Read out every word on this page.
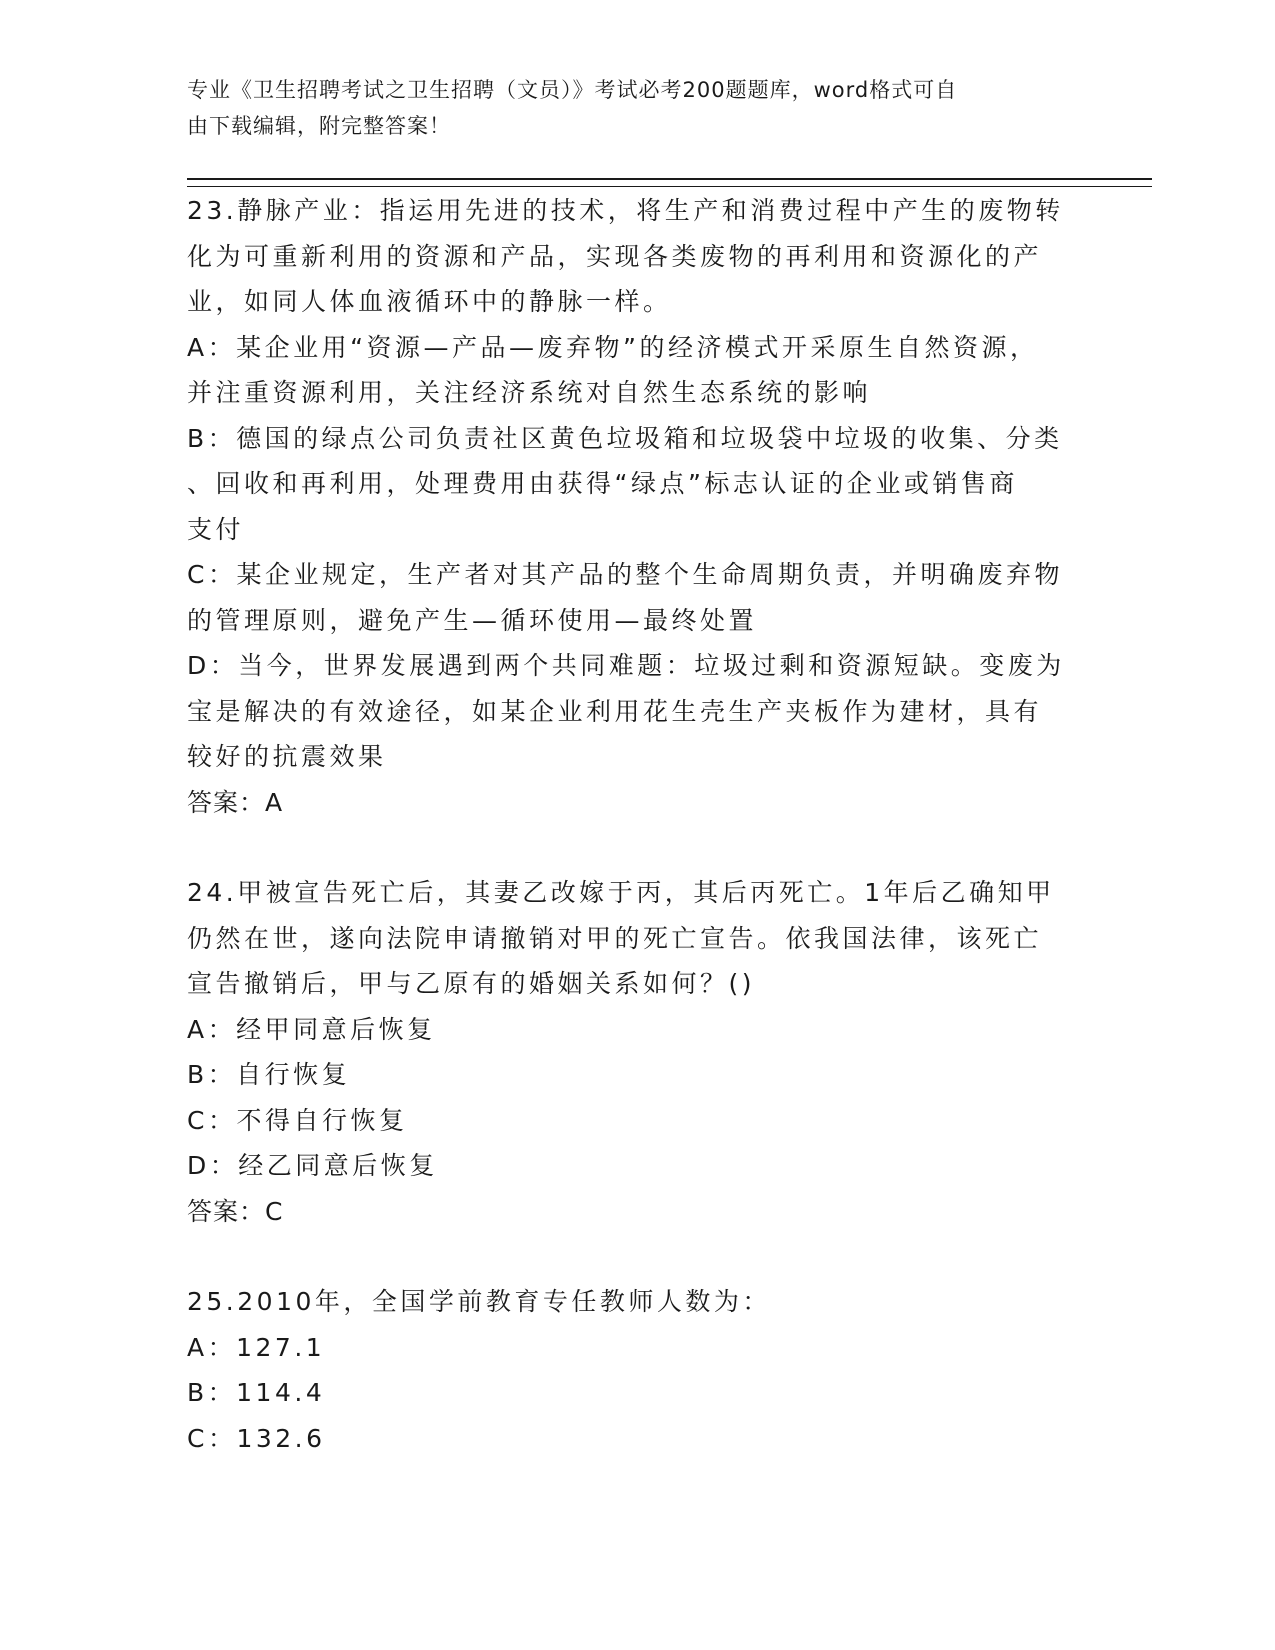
专业《卫生招聘考试之卫生招聘（文员）》考试必考200题题库，word格式可自
由下载编辑，附完整答案！

23.静脉产业：指运用先进的技术，将生产和消费过程中产生的废物转

化为可重新利用的资源和产品，实现各类废物的再利用和资源化的产

业，如同人体血液循环中的静脉一样。

A：某企业用“资源—产品—废弃物”的经济模式开采原生自然资源，

并注重资源利用，关注经济系统对自然生态系统的影响

B：德国的绿点公司负责社区黄色垃圾箱和垃圾袋中垃圾的收集、分类

、回收和再利用，处理费用由获得“绿点”标志认证的企业或销售商

支付

C：某企业规定，生产者对其产品的整个生命周期负责，并明确废弃物

的管理原则，避免产生—循环使用—最终处置

D：当今，世界发展遇到两个共同难题：垃圾过剩和资源短缺。变废为

宝是解决的有效途径，如某企业利用花生壳生产夹板作为建材，具有

较好的抗震效果

答案：A

24.甲被宣告死亡后，其妻乙改嫁于丙，其后丙死亡。1年后乙确知甲

仍然在世，遂向法院申请撤销对甲的死亡宣告。依我国法律，该死亡

宣告撤销后，甲与乙原有的婚姻关系如何？()

A：经甲同意后恢复

B：自行恢复

C：不得自行恢复

D：经乙同意后恢复

答案：C

25.2010年，全国学前教育专任教师人数为：

A：127.1

B：114.4

C：132.6
